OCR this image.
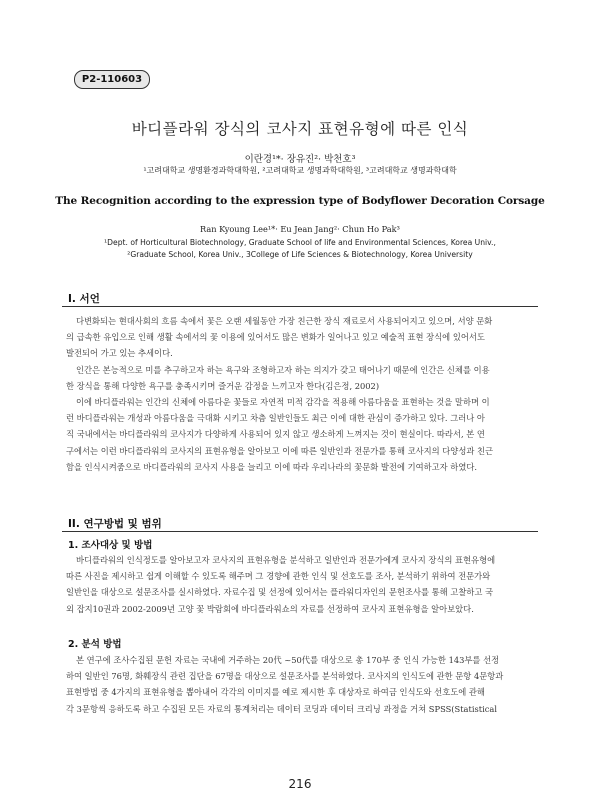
P2-110603
바디플라워 장식의 코사지 표현유형에 따른 인식
이란경¹*· 장유진²· 박천호³
¹고려대학교 생명환경과학대학원, ²고려대학교 생명과학대학원, ³고려대학교 생명과학대학
The Recognition according to the expression type of Bodyflower Decoration Corsage
Ran Kyoung Lee¹*· Eu Jean Jang²· Chun Ho Pak³
¹Dept. of Horticultural Biotechnology, Graduate School of life and Environmental Sciences, Korea Univ.,
²Graduate School, Korea Univ., 3College of Life Sciences & Biotechnology, Korea University
I. 서언
다변화되는 현대사회의 흐름 속에서 꽃은 오랜 세월동안 가장 친근한 장식 재료로서 사용되어지고 있으며, 서양 문화
의 급속한 유입으로 인해 생활 속에서의 꽃 이용에 있어서도 많은 변화가 일어나고 있고 예술적 표현 장식에 있어서도
발전되어 가고 있는 추세이다.
인간은 본능적으로 미를 추구하고자 하는 욕구와 조형하고자 하는 의지가 갖고 태어나기 때문에 인간은 신체를 이용
한 장식을 통해 다양한 욕구를 충족시키며 즐거운 감정을 느끼고자 한다(김은정, 2002)
이에 바디플라워는 인간의 신체에 아름다운 꽃들로 자연적 미적 감각을 적용해 아름다움을 표현하는 것을 말하며 이
런 바디플라워는 개성과 아름다움을 극대화 시키고 차츰 일반인들도 최근 이에 대한 관심이 증가하고 있다. 그러나 아
직 국내에서는 바디플라워의 코사지가 다양하게 사용되어 있지 않고 생소하게 느껴지는 것이 현실이다. 따라서, 본 연
구에서는 이런 바디플라워의 코사지의 표현유형을 알아보고 이에 따른 일반인과 전문가를 통해 코사지의 다양성과 친근
함을 인식시켜줌으로 바디플라워의 코사지 사용을 늘리고 이에 따라 우리나라의 꽃문화 발전에 기여하고자 하였다.
II. 연구방법 및 범위
1. 조사대상 및 방법
바디플라워의 인식정도를 알아보고자 코사지의 표현유형을 분석하고 일반인과 전문가에게 코사지 장식의 표현유형에
따른 사진을 제시하고 쉽게 이해할 수 있도록 해주며 그 경향에 관한 인식 및 선호도를 조사, 분석하기 위하여 전문가와
일반인을 대상으로 설문조사를 실시하였다. 자료수집 및 선정에 있어서는 플라워디자인의 문헌조사를 통해 고찰하고 국
외 잡지10권과 2002-2009년 고양 꽃 박람회에 바디플라워쇼의 자료를 선정하여 코사지 표현유형을 알아보았다.
2. 분석 방법
본 연구에 조사수집된 문헌 자료는 국내에 거주하는 20代 ~50代를 대상으로 총 170부 중 인식 가능한 143부를 선정
하여 일반인 76명, 화훼장식 관련 집단을 67명을 대상으로 설문조사를 분석하였다. 코사지의 인식도에 관한 문항 4문항과
표현방법 중 4가지의 표현유형을 뽑아내어 각각의 이미지를 예로 제시한 후 대상자로 하여금 인식도와 선호도에 관해
각 3문항씩 응하도록 하고 수집된 모든 자료의 통계처리는 데이터 코딩과 데이터 크리닝 과정을 거쳐 SPSS(Statistical
216
